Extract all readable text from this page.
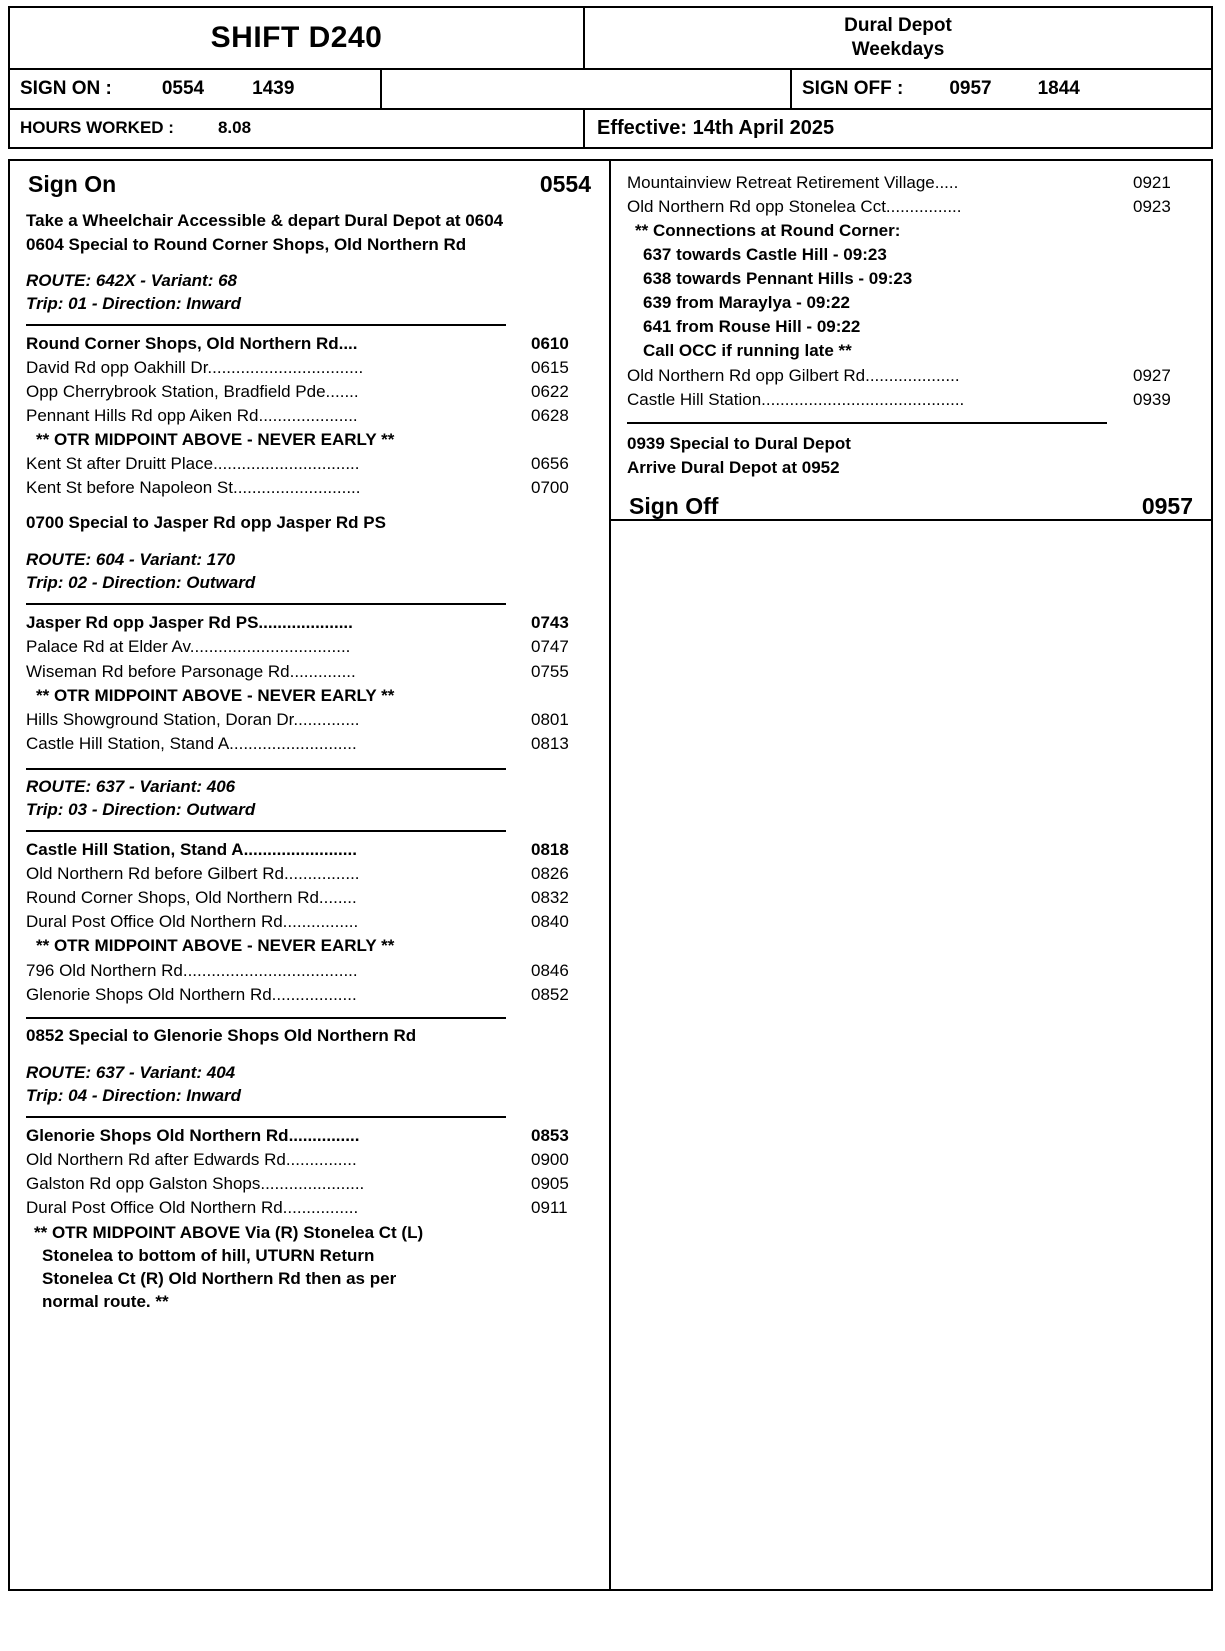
SHIFT D240	Dural Depot
Weekdays
SIGN ON :	0554	1439	SIGN OFF : 0957 1844
HOURS WORKED :	8.08	Effective: 14th April 2025
Sign On	0554
Take a Wheelchair Accessible & depart Dural Depot at 0604
0604 Special to Round Corner Shops, Old Northern Rd
ROUTE: 642X - Variant: 68
Trip: 01 - Direction: Inward
Round Corner Shops, Old Northern Rd....	0610
David Rd opp Oakhill Dr.................................	0615
Opp Cherrybrook Station, Bradfield Pde.......	0622
Pennant Hills Rd opp Aiken Rd.....................	0628
** OTR MIDPOINT ABOVE - NEVER EARLY **
Kent St after Druitt Place...............................	0656
Kent St before Napoleon St...........................	0700
0700 Special to Jasper Rd opp Jasper Rd PS
ROUTE: 604 - Variant: 170
Trip: 02 - Direction: Outward
Jasper Rd opp Jasper Rd PS....................	0743
Palace Rd at Elder Av..................................	0747
Wiseman Rd before Parsonage Rd..............	0755
** OTR MIDPOINT ABOVE - NEVER EARLY **
Hills Showground Station, Doran Dr..............	0801
Castle Hill Station, Stand A...........................	0813
ROUTE: 637 - Variant: 406
Trip: 03 - Direction: Outward
Castle Hill Station, Stand A........................	0818
Old Northern Rd before Gilbert Rd................	0826
Round Corner Shops, Old Northern Rd........	0832
Dural Post Office Old Northern Rd................	0840
** OTR MIDPOINT ABOVE - NEVER EARLY **
796 Old Northern Rd.....................................	0846
Glenorie Shops Old Northern Rd..................	0852
0852 Special to Glenorie Shops Old Northern Rd
ROUTE: 637 - Variant: 404
Trip: 04 - Direction: Inward
Glenorie Shops Old Northern Rd...............	0853
Old Northern Rd after Edwards Rd...............	0900
Galston Rd opp Galston Shops......................	0905
Dural Post Office Old Northern Rd................	0911
** OTR MIDPOINT ABOVE Via (R) Stonelea Ct (L)
Stonelea to bottom of hill, UTURN Return
Stonelea Ct (R) Old Northern Rd then as per
normal route. **
Mountainview Retreat Retirement Village.....	0921
Old Northern Rd opp Stonelea Cct................	0923
** Connections at Round Corner:
637 towards Castle Hill - 09:23
638 towards Pennant Hills - 09:23
639 from Maraylya - 09:22
641 from Rouse Hill - 09:22
Call OCC if running late **
Old Northern Rd opp Gilbert Rd....................	0927
Castle Hill Station...........................................	0939
0939 Special to Dural Depot
Arrive Dural Depot at 0952
Sign Off	0957
